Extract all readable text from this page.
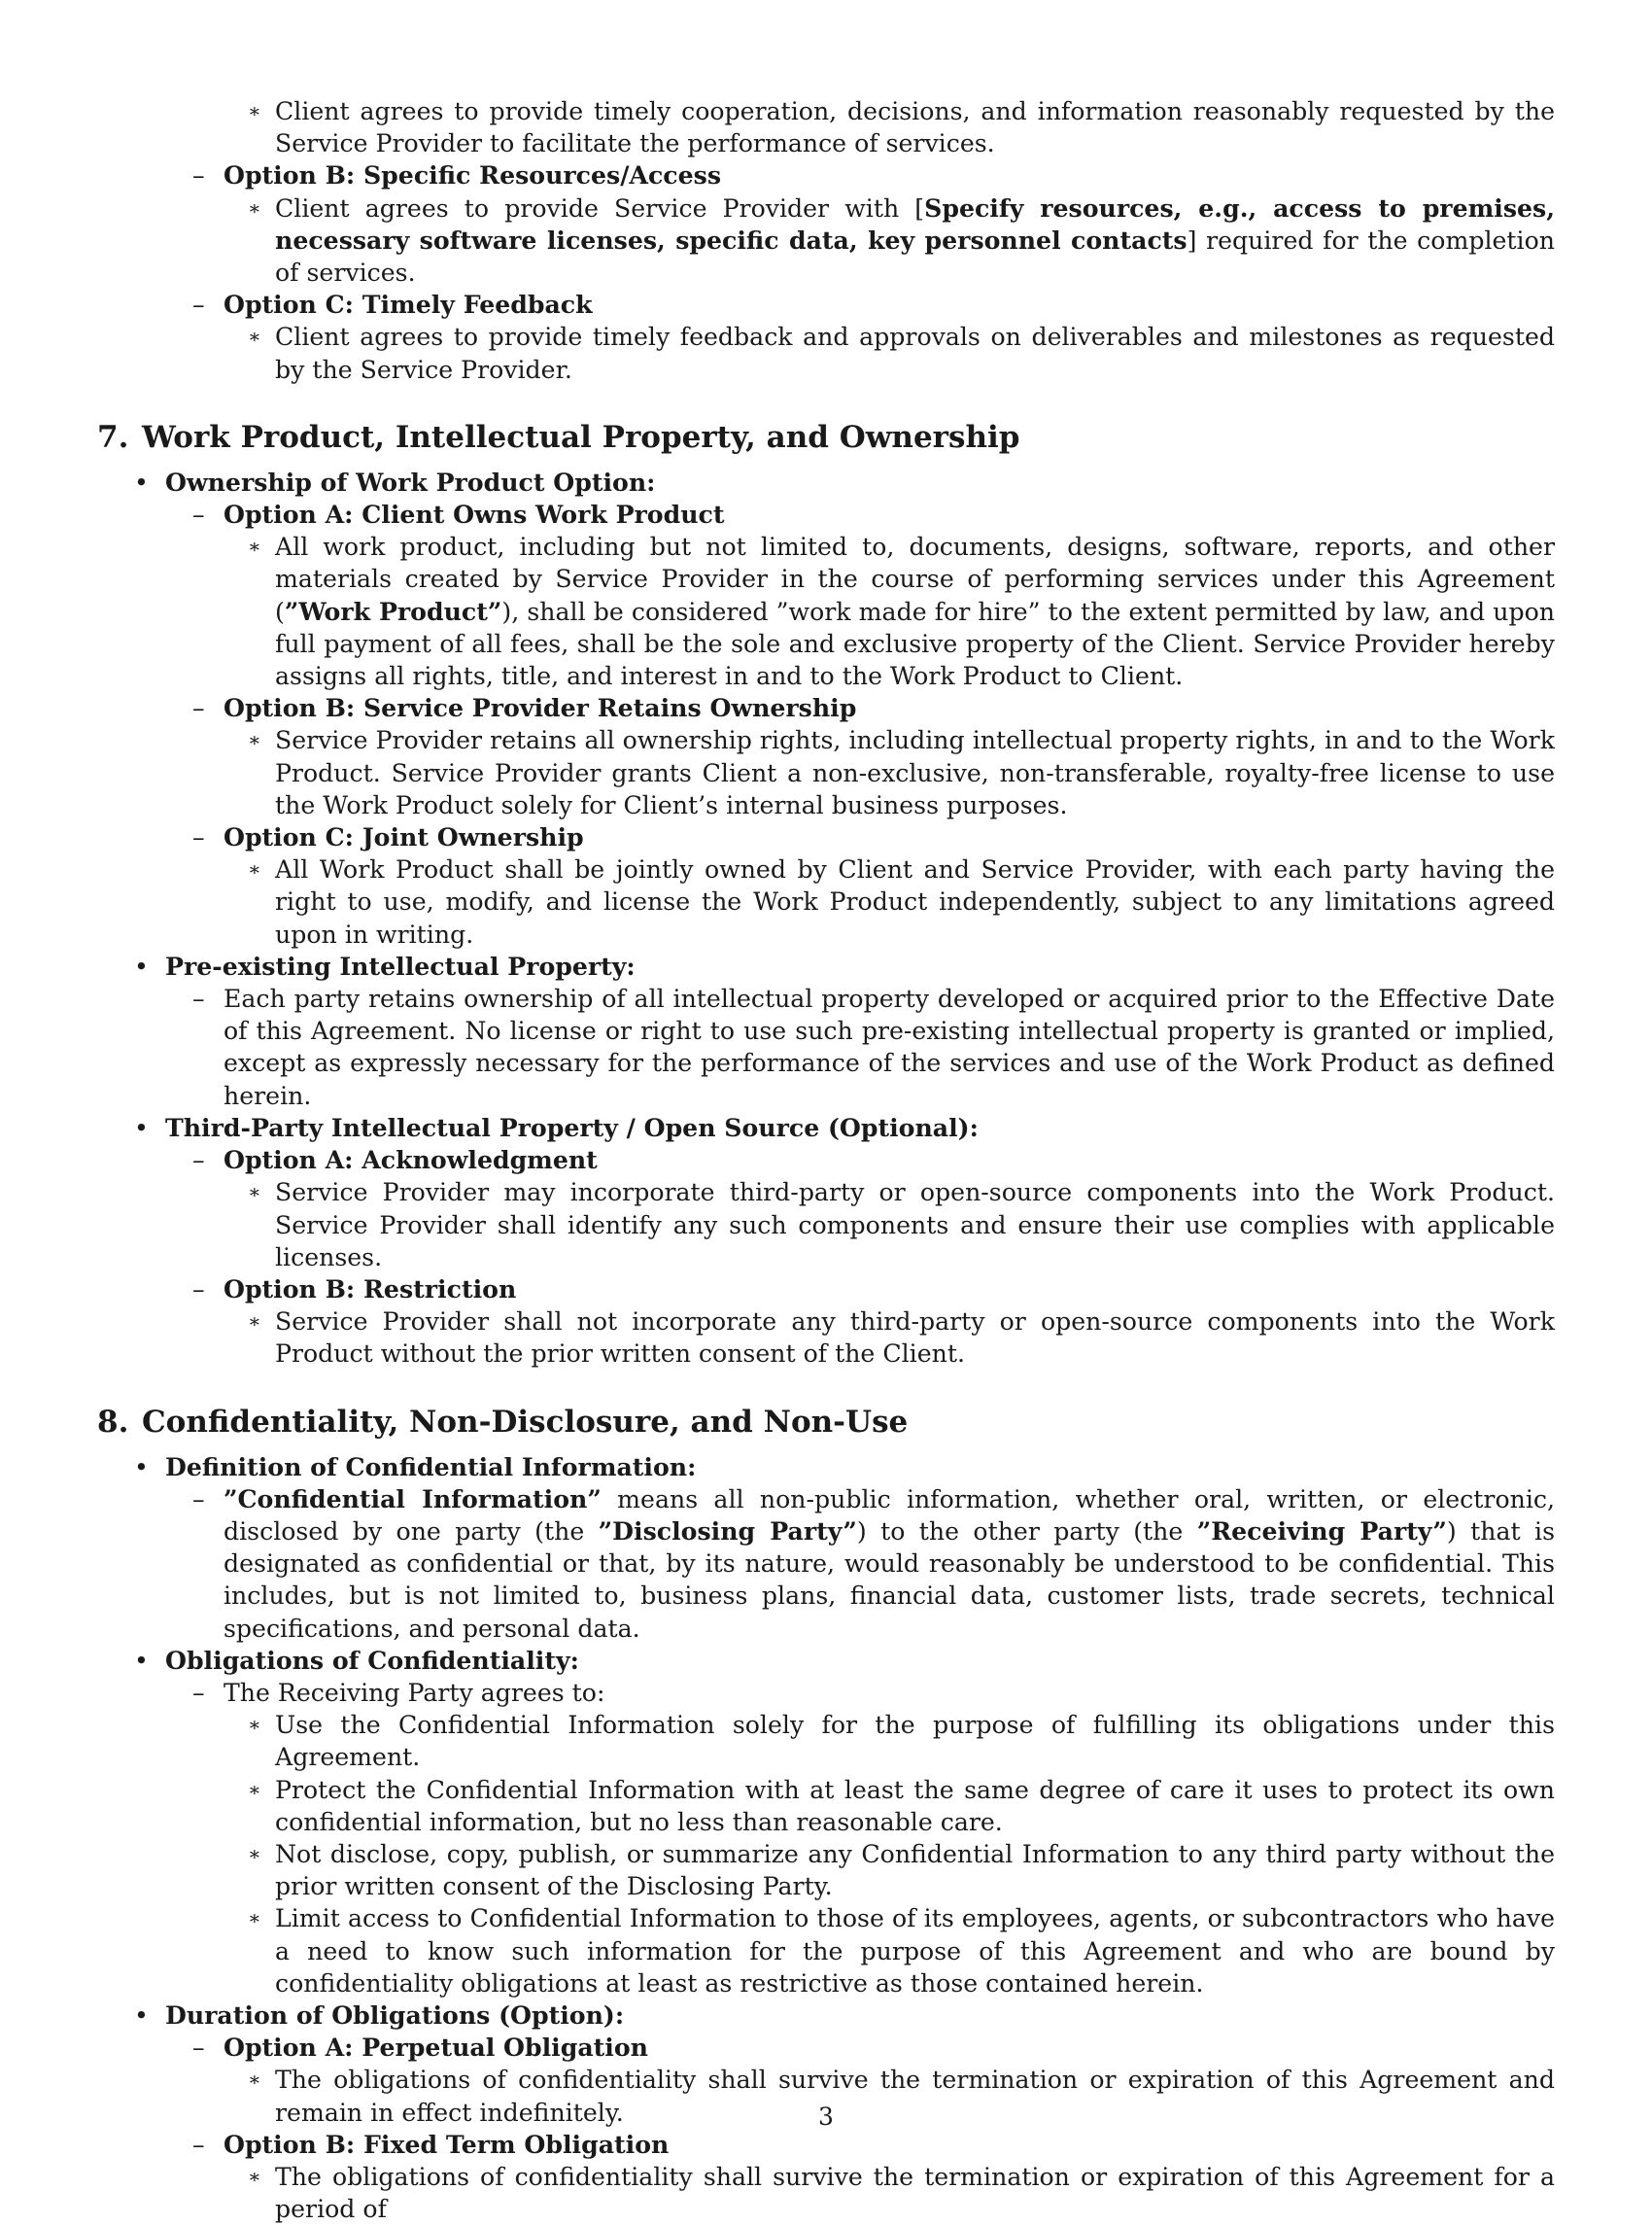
∗ Client agrees to provide timely cooperation, decisions, and information reasonably requested by the Service Provider to facilitate the performance of services.
– Option B: Specific Resources/Access
∗ Client agrees to provide Service Provider with [Specify resources, e.g., access to premises, necessary software licenses, specific data, key personnel contacts] required for the completion of services.
– Option C: Timely Feedback
∗ Client agrees to provide timely feedback and approvals on deliverables and milestones as requested by the Service Provider.
7. Work Product, Intellectual Property, and Ownership
• Ownership of Work Product Option:
– Option A: Client Owns Work Product
∗ All work product, including but not limited to, documents, designs, software, reports, and other materials created by Service Provider in the course of performing services under this Agreement (”Work Product”), shall be considered ”work made for hire” to the extent permitted by law, and upon full payment of all fees, shall be the sole and exclusive property of the Client. Service Provider hereby assigns all rights, title, and interest in and to the Work Product to Client.
– Option B: Service Provider Retains Ownership
∗ Service Provider retains all ownership rights, including intellectual property rights, in and to the Work Product. Service Provider grants Client a non-exclusive, non-transferable, royalty-free license to use the Work Product solely for Client’s internal business purposes.
– Option C: Joint Ownership
∗ All Work Product shall be jointly owned by Client and Service Provider, with each party having the right to use, modify, and license the Work Product independently, subject to any limitations agreed upon in writing.
• Pre-existing Intellectual Property:
– Each party retains ownership of all intellectual property developed or acquired prior to the Effective Date of this Agreement. No license or right to use such pre-existing intellectual property is granted or implied, except as expressly necessary for the performance of the services and use of the Work Product as defined herein.
• Third-Party Intellectual Property / Open Source (Optional):
– Option A: Acknowledgment
∗ Service Provider may incorporate third-party or open-source components into the Work Product. Service Provider shall identify any such components and ensure their use complies with applicable licenses.
– Option B: Restriction
∗ Service Provider shall not incorporate any third-party or open-source components into the Work Product without the prior written consent of the Client.
8. Confidentiality, Non-Disclosure, and Non-Use
• Definition of Confidential Information:
– ”Confidential Information” means all non-public information, whether oral, written, or electronic, disclosed by one party (the ”Disclosing Party”) to the other party (the ”Receiving Party”) that is designated as confidential or that, by its nature, would reasonably be understood to be confidential. This includes, but is not limited to, business plans, financial data, customer lists, trade secrets, technical specifications, and personal data.
• Obligations of Confidentiality:
– The Receiving Party agrees to:
∗ Use the Confidential Information solely for the purpose of fulfilling its obligations under this Agreement.
∗ Protect the Confidential Information with at least the same degree of care it uses to protect its own confidential information, but no less than reasonable care.
∗ Not disclose, copy, publish, or summarize any Confidential Information to any third party without the prior written consent of the Disclosing Party.
∗ Limit access to Confidential Information to those of its employees, agents, or subcontractors who have a need to know such information for the purpose of this Agreement and who are bound by confidentiality obligations at least as restrictive as those contained herein.
• Duration of Obligations (Option):
– Option A: Perpetual Obligation
∗ The obligations of confidentiality shall survive the termination or expiration of this Agreement and remain in effect indefinitely.
– Option B: Fixed Term Obligation
∗ The obligations of confidentiality shall survive the termination or expiration of this Agreement for a period of
3
